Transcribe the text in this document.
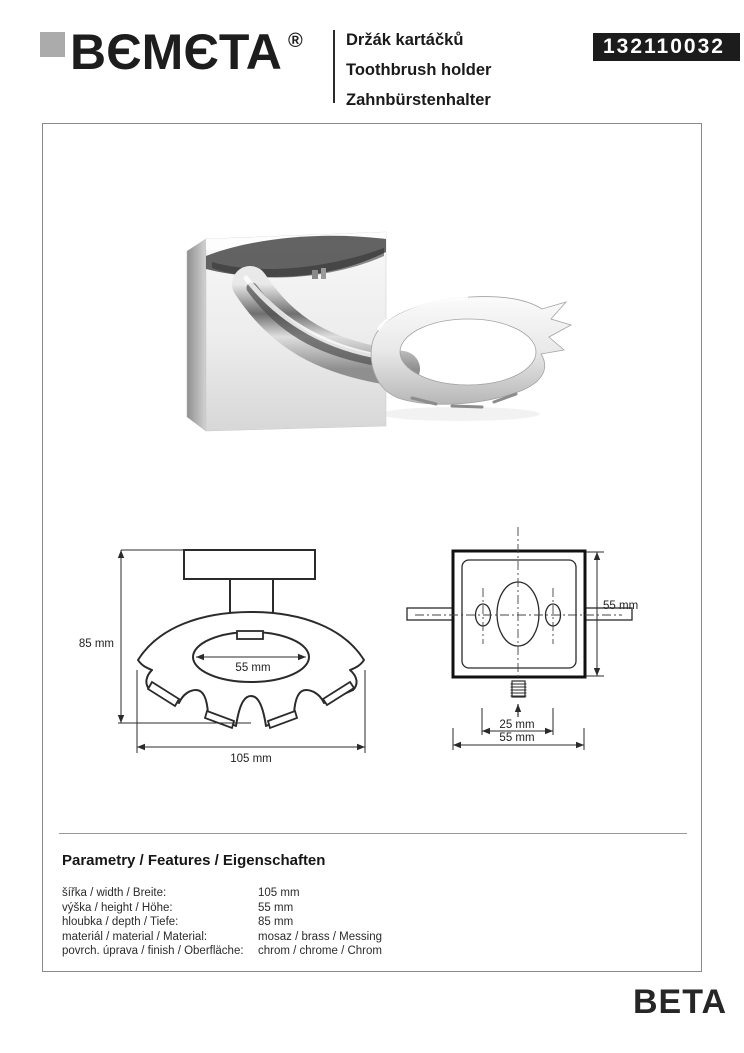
BЄMЄTA ®	Držák kartáčků
Toothbrush holder
Zahnbürstenhalter
132110032
85 mm
55 mm
105 mm
55 mm
25 mm
55 mm
Parametry / Features / Eigenschaften
šířka / width / Breite:	105 mm
výška / height / Höhe:	55 mm
hloubka / depth / Tiefe:	85 mm
materiál / material / Material:	mosaz / brass / Messing
povrch. úprava / finish / Oberfläche: chrom / chrome / Chrom
BETA
